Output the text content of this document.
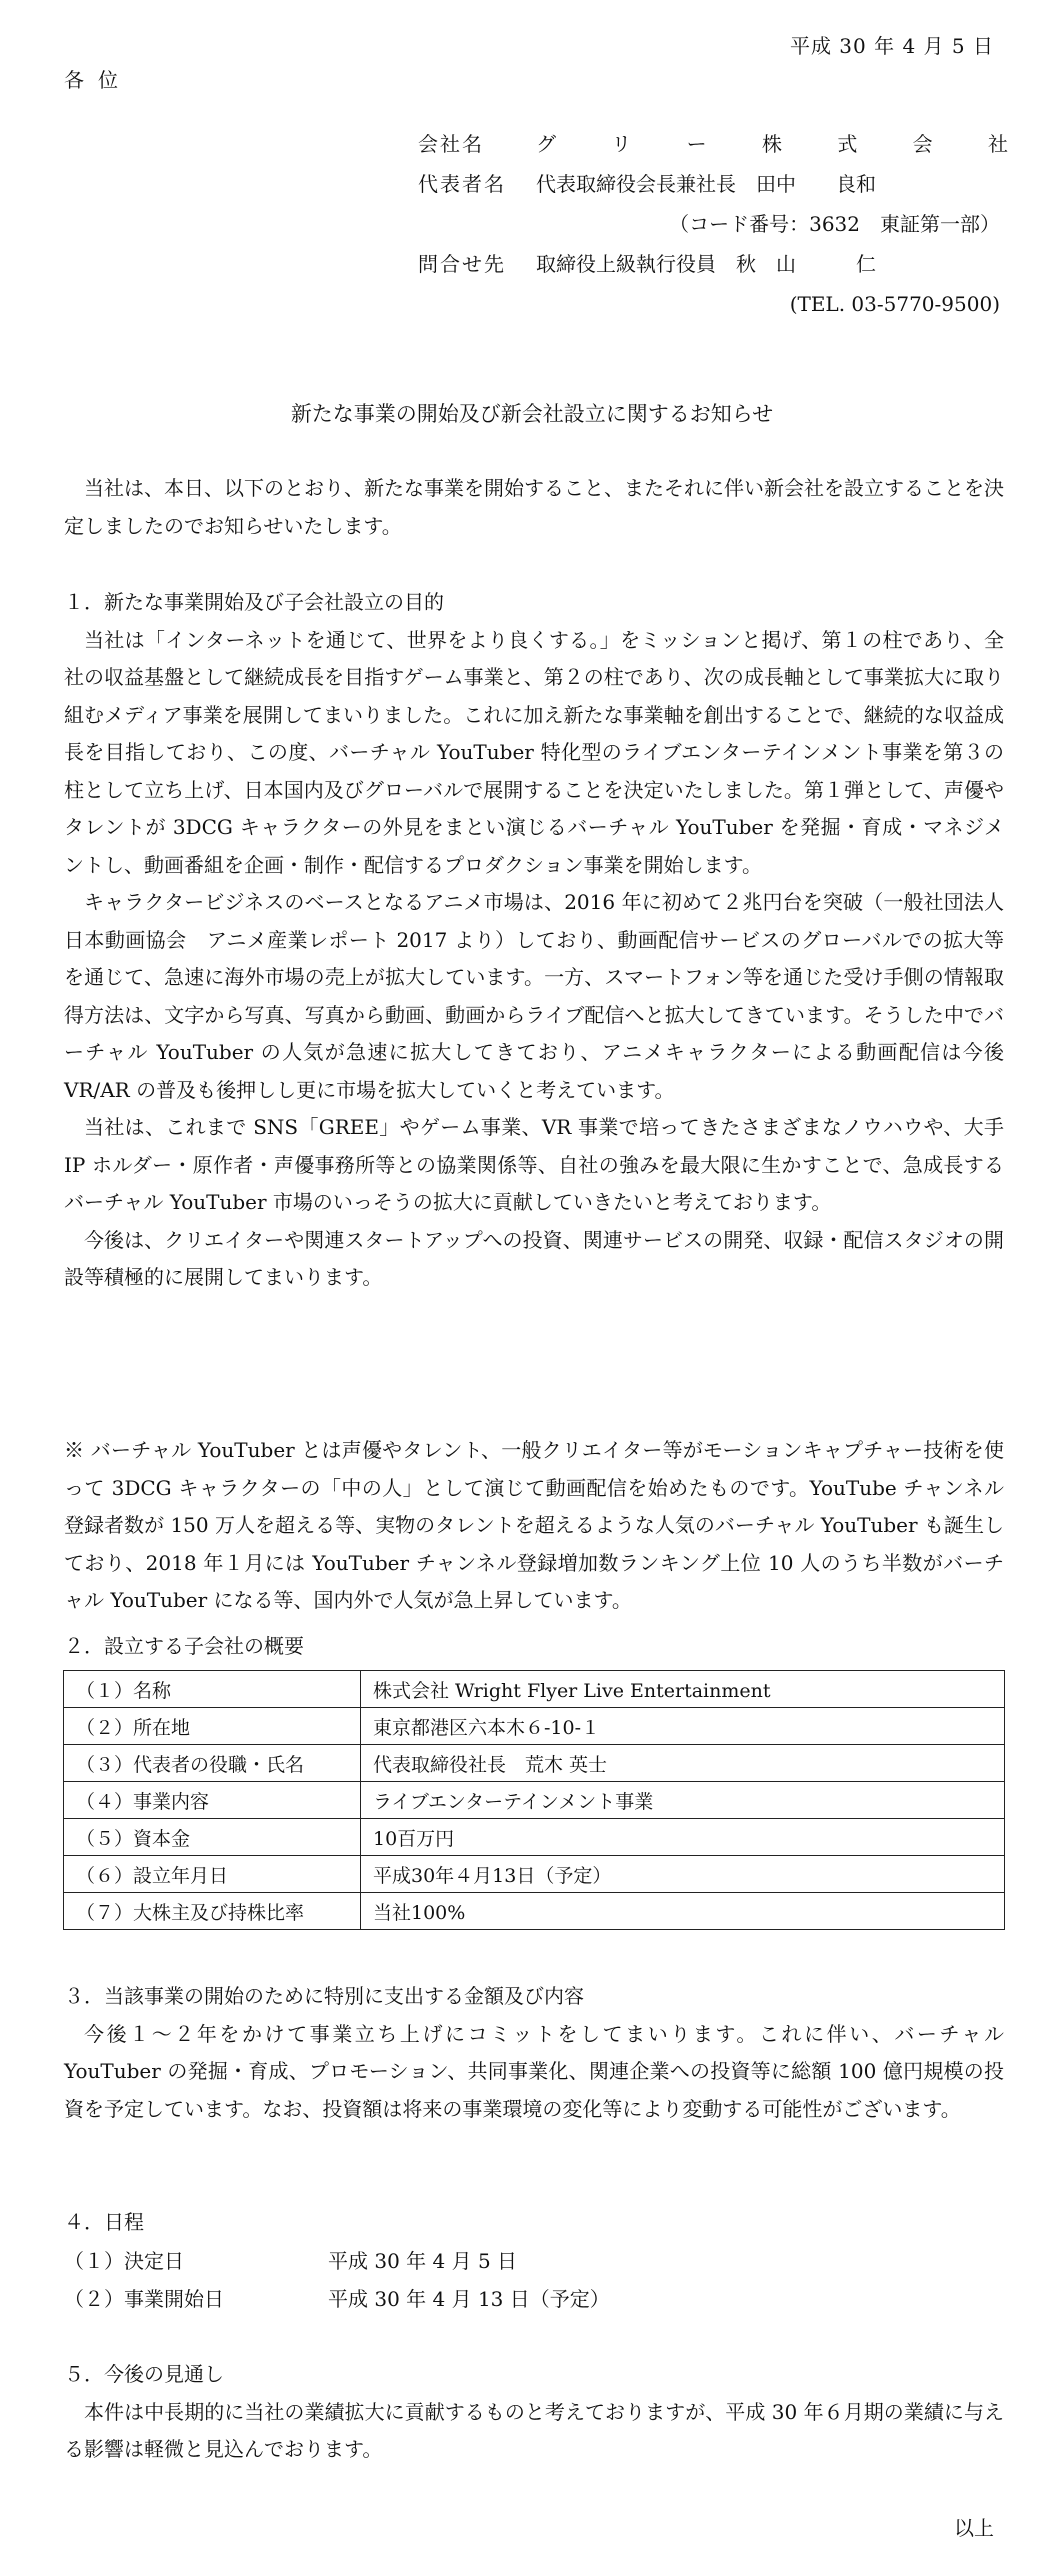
平成 30 年 4 月 5 日
各位
会社名	グ	リ	ー	株	式	会	社
代表者名	代表取締役会長兼社長　田中　　良和
（コード番号：3632　東証第一部）
問合せ先	取締役上級執行役員　秋　山　　　仁
(TEL. 03-5770-9500)
新たな事業の開始及び新会社設立に関するお知らせ

当社は、本日、以下のとおり、新たな事業を開始すること、またそれに伴い新会社を設立することを決定しましたのでお知らせいたします。

１．新たな事業開始及び子会社設立の目的

当社は「インターネットを通じて、世界をより良くする。」をミッションと掲げ、第１の柱であり、全社の収益基盤として継続成長を目指すゲーム事業と、第２の柱であり、次の成長軸として事業拡大に取り組むメディア事業を展開してまいりました。これに加え新たな事業軸を創出することで、継続的な収益成長を目指しており、この度、バーチャル YouTuber 特化型のライブエンターテインメント事業を第３の柱として立ち上げ、日本国内及びグローバルで展開することを決定いたしました。第１弾として、声優やタレントが 3DCG キャラクターの外見をまとい演じるバーチャル YouTuber を発掘・育成・マネジメントし、動画番組を企画・制作・配信するプロダクション事業を開始します。

キャラクタービジネスのベースとなるアニメ市場は、2016 年に初めて２兆円台を突破（一般社団法人 日本動画協会　アニメ産業レポート 2017 より）しており、動画配信サービスのグローバルでの拡大等を通じて、急速に海外市場の売上が拡大しています。一方、スマートフォン等を通じた受け手側の情報取得方法は、文字から写真、写真から動画、動画からライブ配信へと拡大してきています。そうした中でバーチャル YouTuber の人気が急速に拡大してきており、アニメキャラクターによる動画配信は今後 VR/AR の普及も後押しし更に市場を拡大していくと考えています。

当社は、これまで SNS「GREE」やゲーム事業、VR 事業で培ってきたさまざまなノウハウや、大手 IP ホルダー・原作者・声優事務所等との協業関係等、自社の強みを最大限に生かすことで、急成長するバーチャル YouTuber 市場のいっそうの拡大に貢献していきたいと考えております。

今後は、クリエイターや関連スタートアップへの投資、関連サービスの開発、収録・配信スタジオの開設等積極的に展開してまいります。

※ バーチャル YouTuber とは声優やタレント、一般クリエイター等がモーションキャプチャー技術を使って 3DCG キャラクターの「中の人」として演じて動画配信を始めたものです。YouTube チャンネル登録者数が 150 万人を超える等、実物のタレントを超えるような人気のバーチャル YouTuber も誕生しており、2018 年１月には YouTuber チャンネル登録増加数ランキング上位 10 人のうち半数がバーチャル YouTuber になる等、国内外で人気が急上昇しています。

２．設立する子会社の概要
（１）名称	株式会社 Wright Flyer Live Entertainment
（２）所在地	東京都港区六本木６-10-１
（３）代表者の役職・氏名	代表取締役社長　荒木 英士
（４）事業内容	ライブエンターテインメント事業
（５）資本金	10百万円
（６）設立年月日	平成30年４月13日（予定）
（７）大株主及び持株比率	当社100%
３．当該事業の開始のために特別に支出する金額及び内容

今後１～２年をかけて事業立ち上げにコミットをしてまいります。これに伴い、バーチャル YouTuber の発掘・育成、プロモーション、共同事業化、関連企業への投資等に総額 100 億円規模の投資を予定しています。なお、投資額は将来の事業環境の変化等により変動する可能性がございます。

４．日程
（１）決定日	平成 30 年 4 月 5 日
（２）事業開始日	平成 30 年 4 月 13 日（予定）
５．今後の見通し

本件は中長期的に当社の業績拡大に貢献するものと考えておりますが、平成 30 年６月期の業績に与える影響は軽微と見込んでおります。

以上
